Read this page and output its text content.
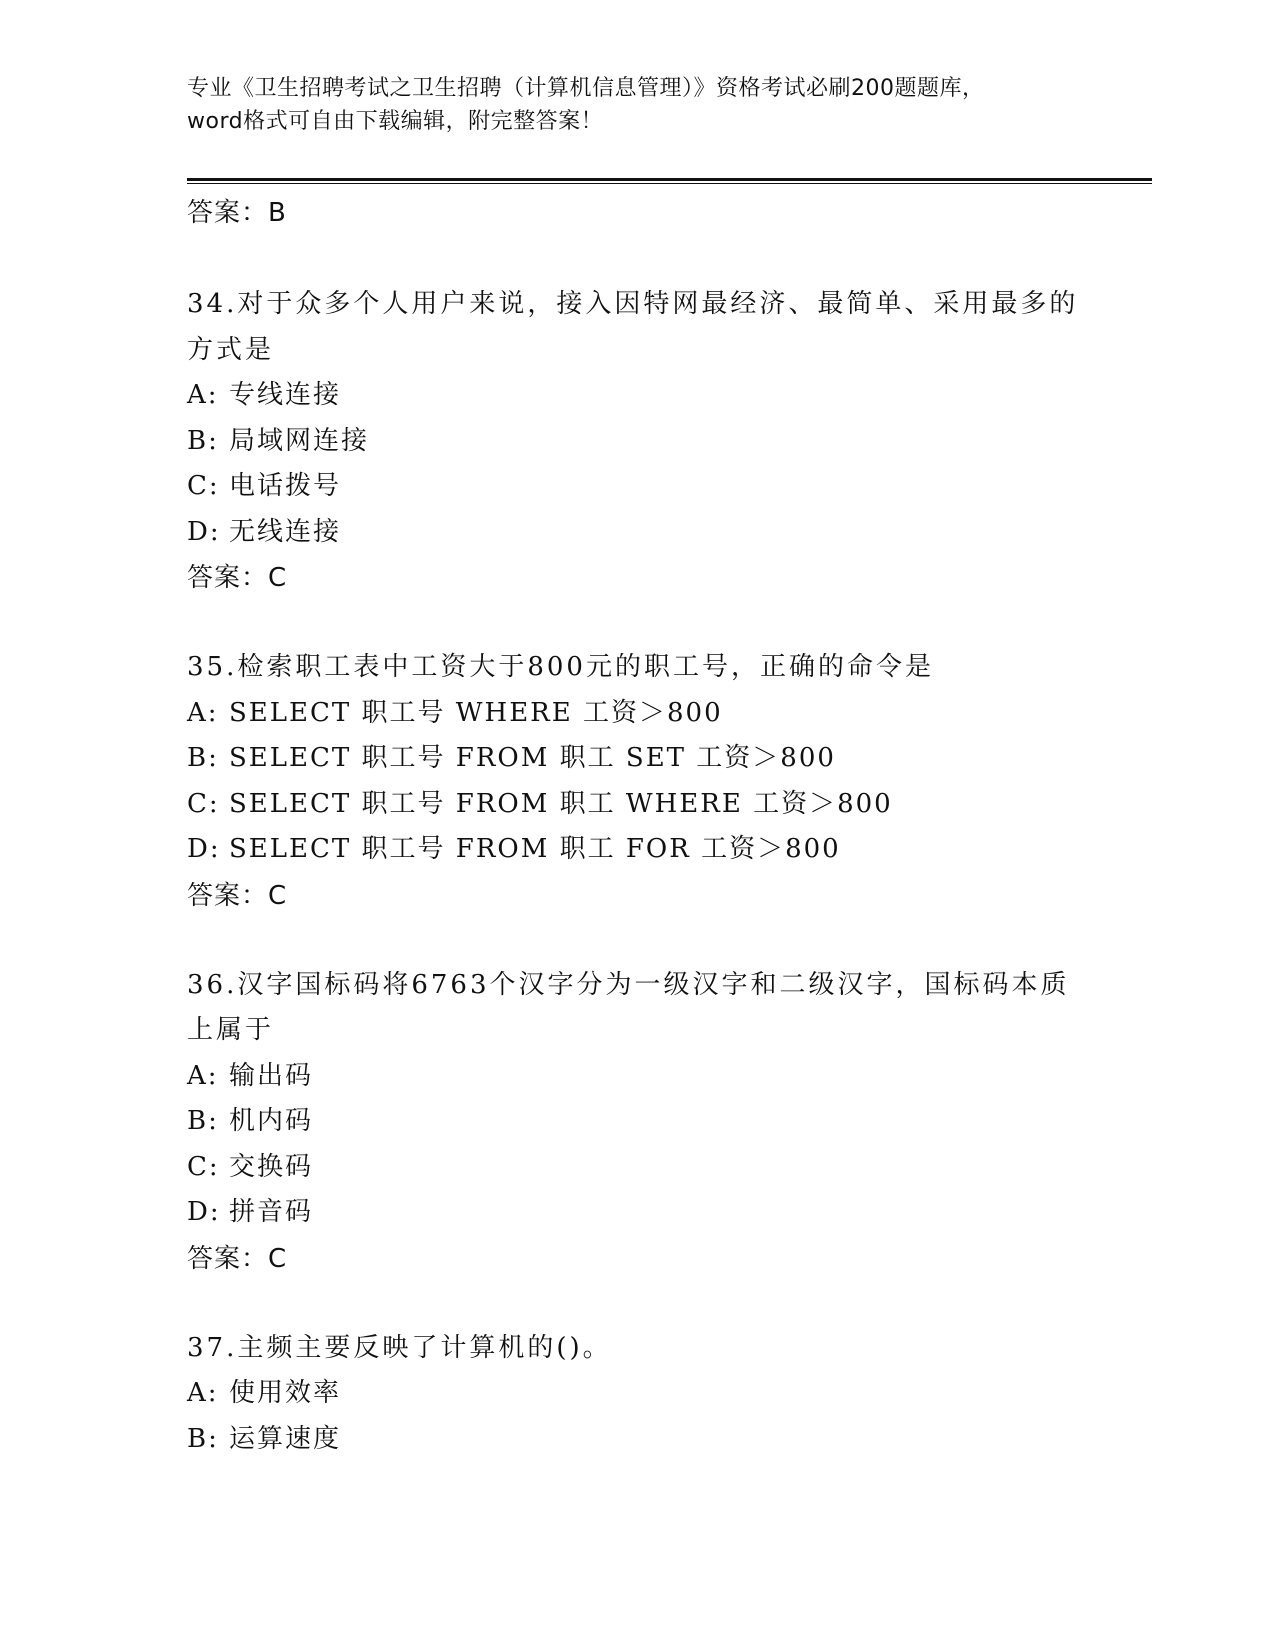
专业《卫生招聘考试之卫生招聘（计算机信息管理）》资格考试必刷200题题库，
word格式可自由下载编辑，附完整答案！
答案：B
34.对于众多个人用户来说，接入因特网最经济、最简单、采用最多的
方式是
A: 专线连接
B: 局域网连接
C: 电话拨号
D: 无线连接
答案：C
35.检索职工表中工资大于800元的职工号，正确的命令是
A: SELECT 职工号 WHERE 工资＞800
B: SELECT 职工号 FROM 职工 SET 工资＞800
C: SELECT 职工号 FROM 职工 WHERE 工资＞800
D: SELECT 职工号 FROM 职工 FOR 工资＞800
答案：C
36.汉字国标码将6763个汉字分为一级汉字和二级汉字，国标码本质
上属于
A: 输出码
B: 机内码
C: 交换码
D: 拼音码
答案：C
37.主频主要反映了计算机的()。
A: 使用效率
B: 运算速度
